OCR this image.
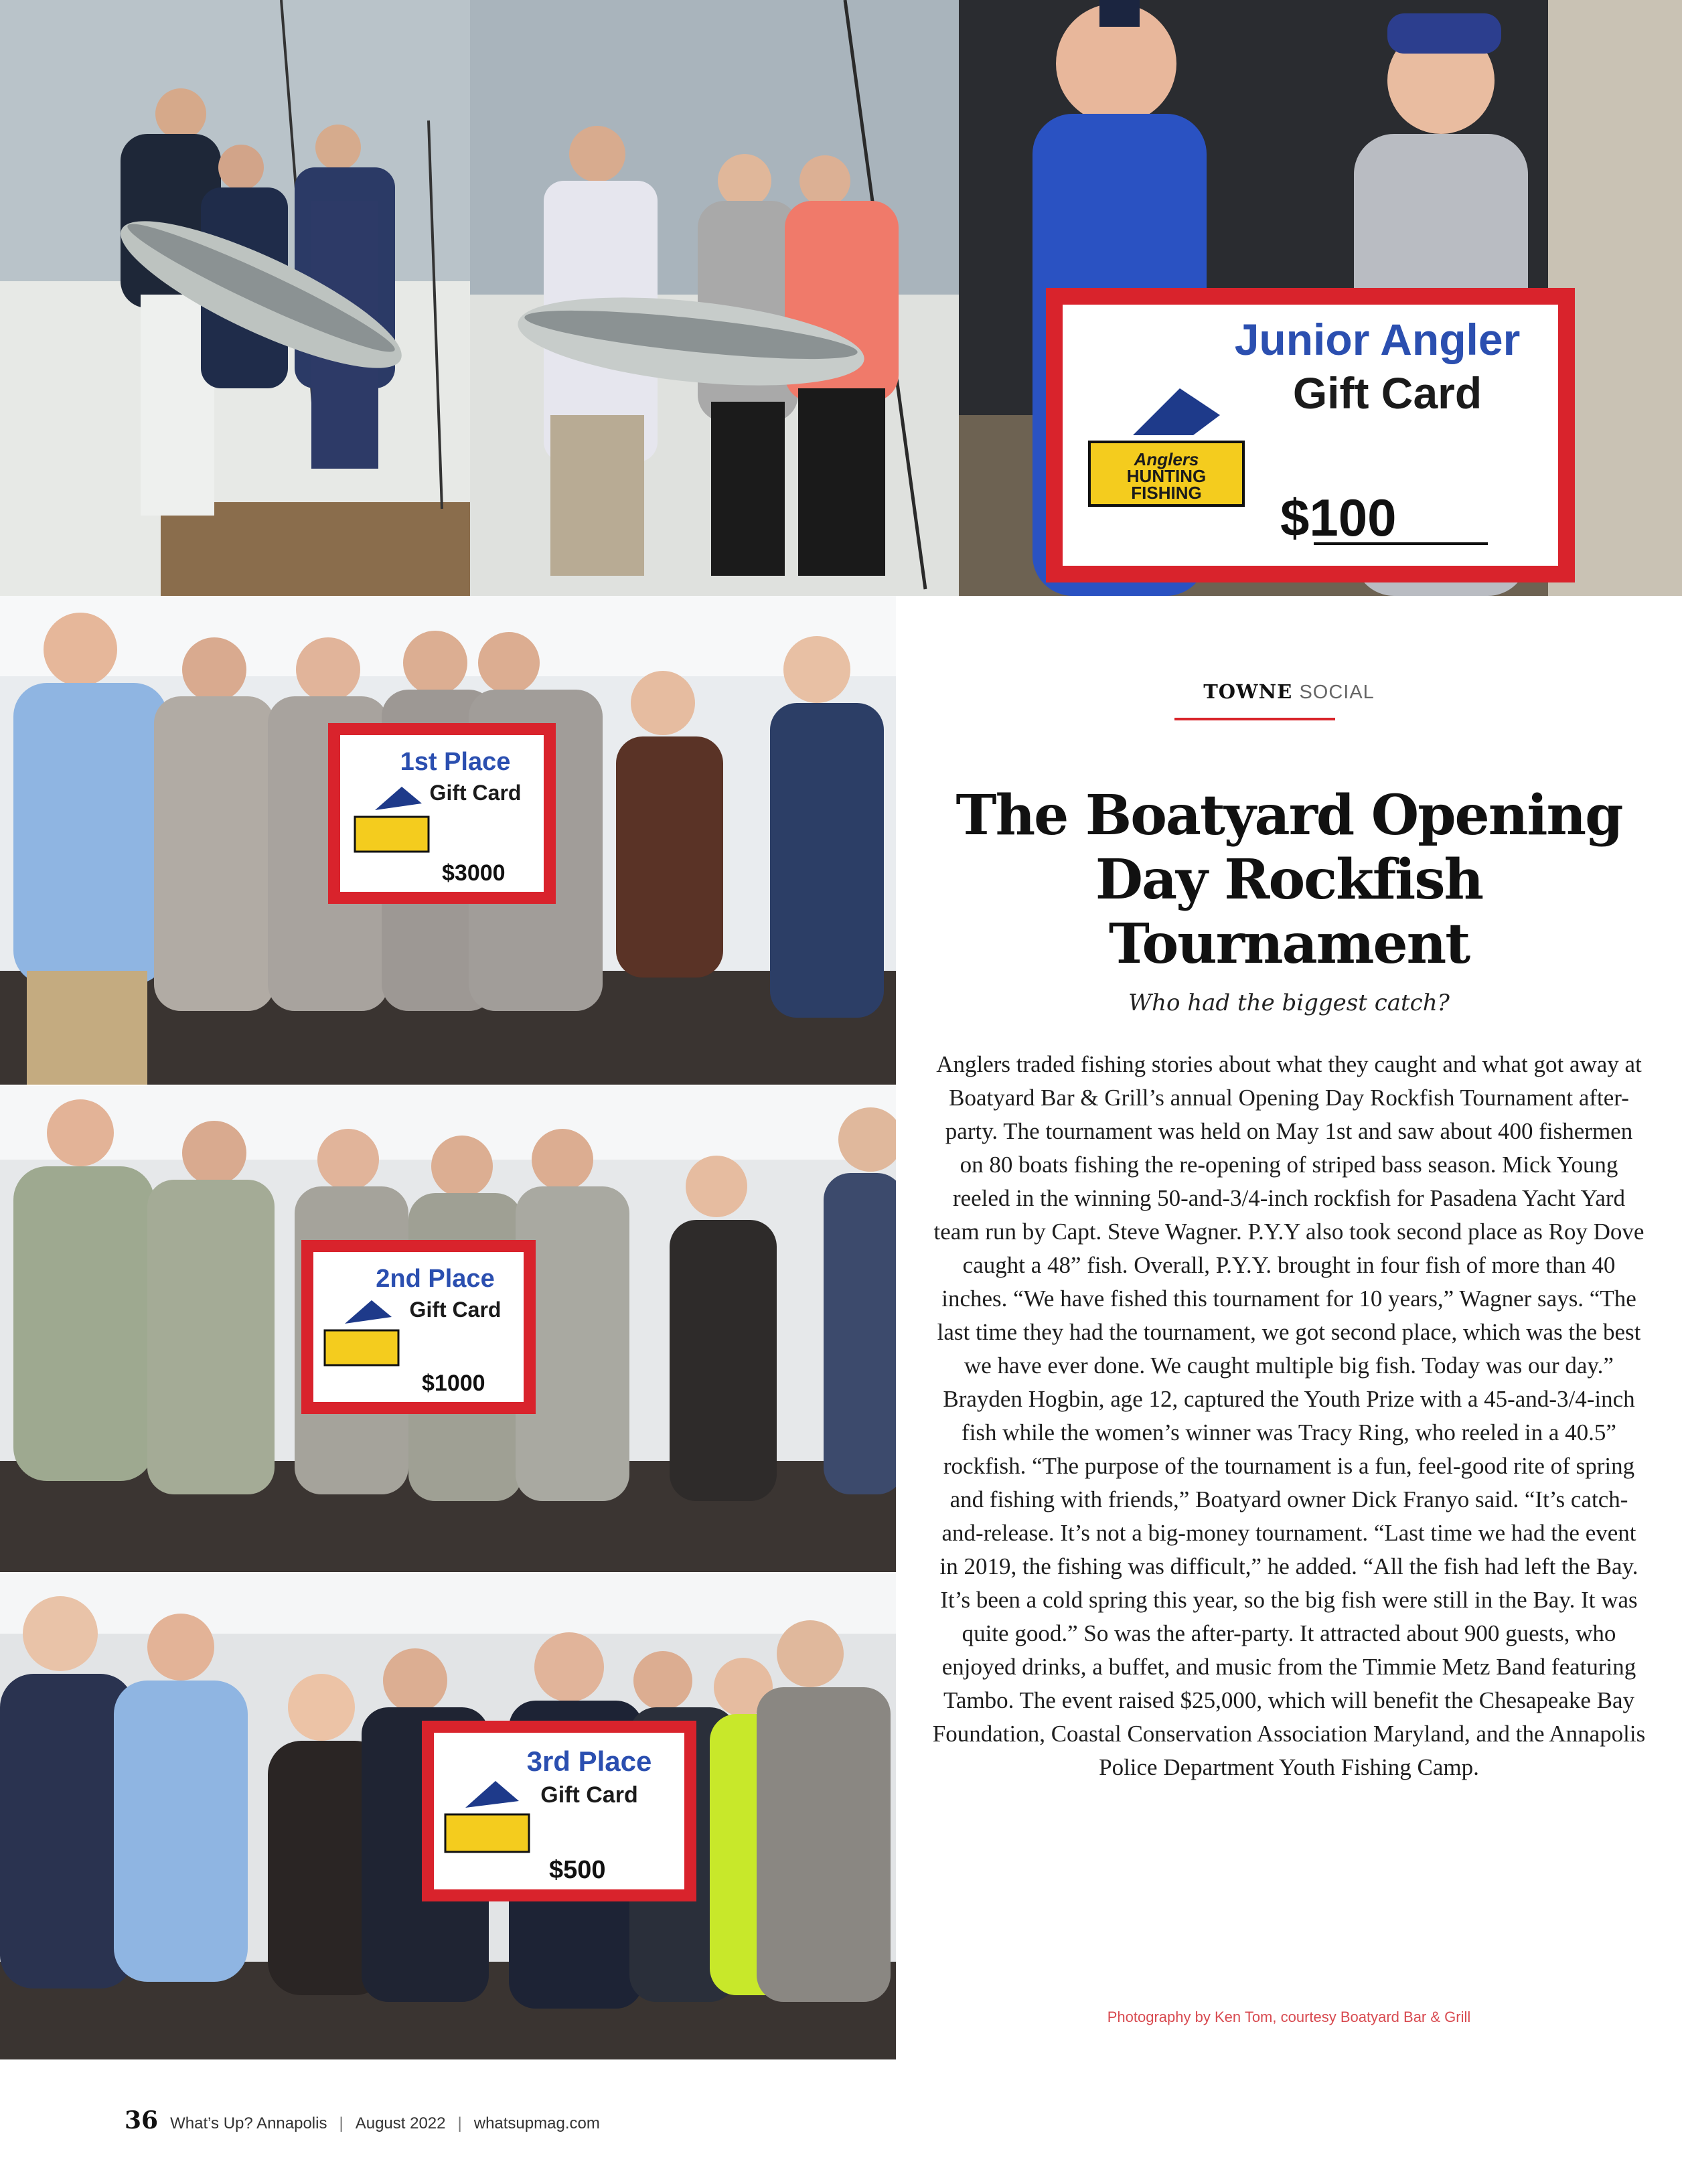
Junior Angler
Gift Card
Anglers
HUNTING
FISHING $100
1st Place
Gift Card
$3000
2nd Place
Gift Card
$1000
3rd Place
Gift Card
$500
TOWNE SOCIAL
The Boatyard Opening Day Rockfish Tournament
Who had the biggest catch?

Anglers traded fishing stories about what they caught and what got away at Boatyard Bar & Grill’s annual Opening Day Rockfish Tournament after-party. The tournament was held on May 1st and saw about 400 fishermen on 80 boats fishing the re-opening of striped bass season. Mick Young reeled in the winning 50-and-3/4-inch rockfish for Pasadena Yacht Yard team run by Capt. Steve Wagner. P.Y.Y also took second place as Roy Dove caught a 48” fish. Overall, P.Y.Y. brought in four fish of more than 40 inches. “We have fished this tournament for 10 years,” Wagner says. “The last time they had the tournament, we got second place, which was the best we have ever done. We caught multiple big fish. Today was our day.” Brayden Hogbin, age 12, captured the Youth Prize with a 45-and-3/4-inch fish while the women’s winner was Tracy Ring, who reeled in a 40.5” rockfish. “The purpose of the tournament is a fun, feel-good rite of spring and fishing with friends,” Boatyard owner Dick Franyo said. “It’s catch-and-release. It’s not a big-money tournament. “Last time we had the event in 2019, the fishing was difficult,” he added. “All the fish had left the Bay. It’s been a cold spring this year, so the big fish were still in the Bay. It was quite good.” So was the after-party. It attracted about 900 guests, who enjoyed drinks, a buffet, and music from the Timmie Metz Band featuring Tambo. The event raised $25,000, which will benefit the Chesapeake Bay Foundation, Coastal Conservation Association Maryland, and the Annapolis Police Department Youth Fishing Camp.

Photography by Ken Tom, courtesy Boatyard Bar & Grill
36 What’s Up? Annapolis | August 2022 | whatsupmag.com
